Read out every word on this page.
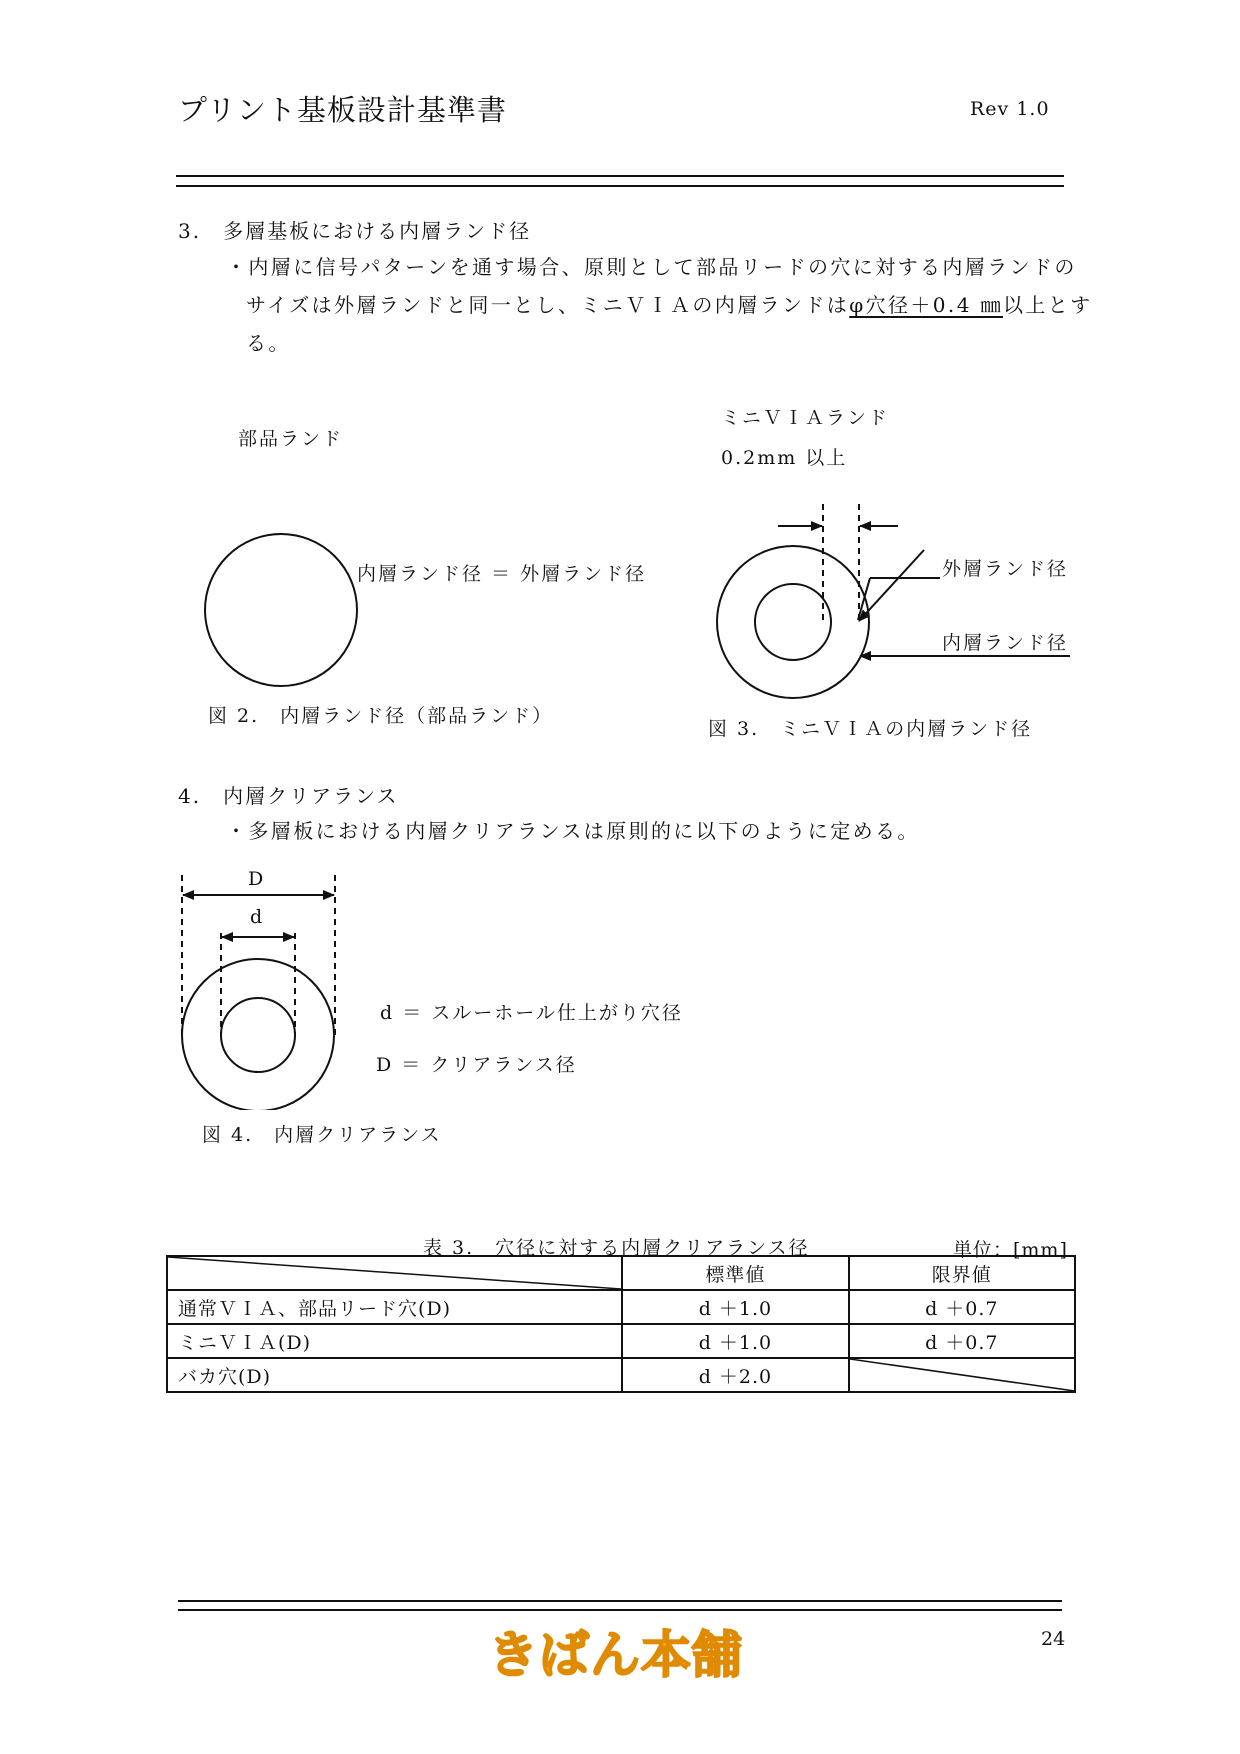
プリント基板設計基準書	Rev 1.0
3.　多層基板における内層ランド径
・内層に信号パターンを通す場合、原則として部品リードの穴に対する内層ランドの
サイズは外層ランドと同一とし、ミニＶＩＡの内層ランドはφ穴径＋0.4 ㎜以上とす
る。
部品ランド
内層ランド径 ＝ 外層ランド径
図 2.　内層ランド径（部品ランド）
ミニＶＩＡランド
0.2mm 以上
外層ランド径
内層ランド径
図 3.　ミニＶＩＡの内層ランド径
4.　内層クリアランス
・多層板における内層クリアランスは原則的に以下のように定める。
D
d
d ＝ スルーホール仕上がり穴径
D ＝ クリアランス径
図 4.　内層クリアランス
表 3.　穴径に対する内層クリアランス径	単位：[mm]
	標準値	限界値
通常ＶＩＡ、部品リード穴(D)	d ＋1.0	d ＋0.7
ミニＶＩＡ(D)	d ＋1.0	d ＋0.7
バカ穴(D)	d ＋2.0	
きばん本舗	24
